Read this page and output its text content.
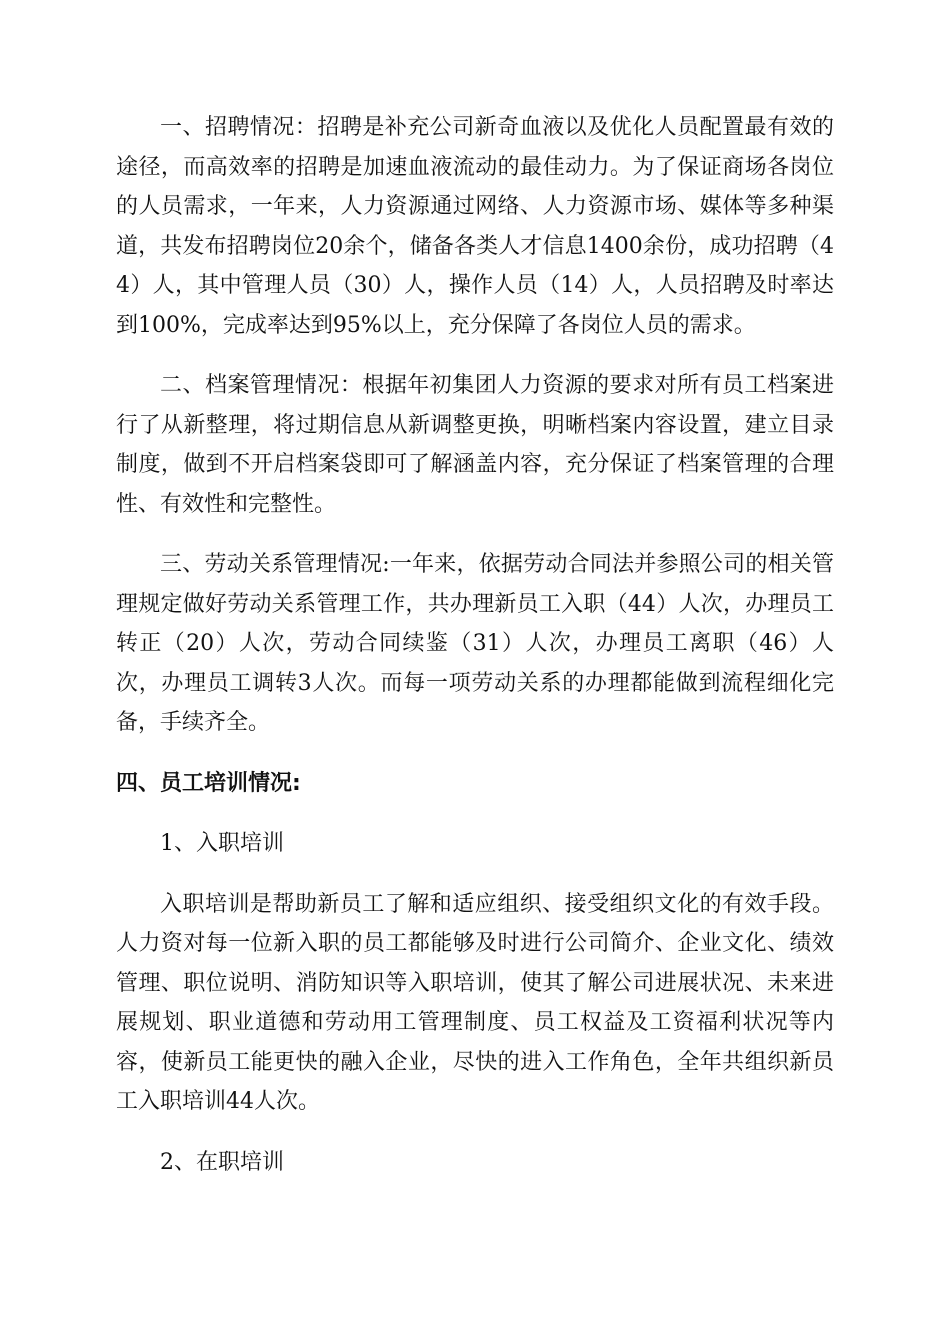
一、招聘情况：招聘是补充公司新奇血液以及优化人员配置最有效的途径，而高效率的招聘是加速血液流动的最佳动力。为了保证商场各岗位的人员需求，一年来，人力资源通过网络、人力资源市场、媒体等多种渠道，共发布招聘岗位20余个，储备各类人才信息1400余份，成功招聘（44）人，其中管理人员（30）人，操作人员（14）人，人员招聘及时率达到100%，完成率达到95%以上，充分保障了各岗位人员的需求。

二、档案管理情况：根据年初集团人力资源的要求对所有员工档案进行了从新整理，将过期信息从新调整更换，明晰档案内容设置，建立目录制度，做到不开启档案袋即可了解涵盖内容，充分保证了档案管理的合理性、有效性和完整性。

三、劳动关系管理情况:一年来，依据劳动合同法并参照公司的相关管理规定做好劳动关系管理工作，共办理新员工入职（44）人次，办理员工转正（20）人次，劳动合同续鉴（31）人次，办理员工离职（46）人次，办理员工调转3人次。而每一项劳动关系的办理都能做到流程细化完备，手续齐全。

四、员工培训情况:

1、入职培训

入职培训是帮助新员工了解和适应组织、接受组织文化的有效手段。人力资对每一位新入职的员工都能够及时进行公司简介、企业文化、绩效管理、职位说明、消防知识等入职培训，使其了解公司进展状况、未来进展规划、职业道德和劳动用工管理制度、员工权益及工资福利状况等内容，使新员工能更快的融入企业，尽快的进入工作角色，全年共组织新员工入职培训44人次。

2、在职培训
